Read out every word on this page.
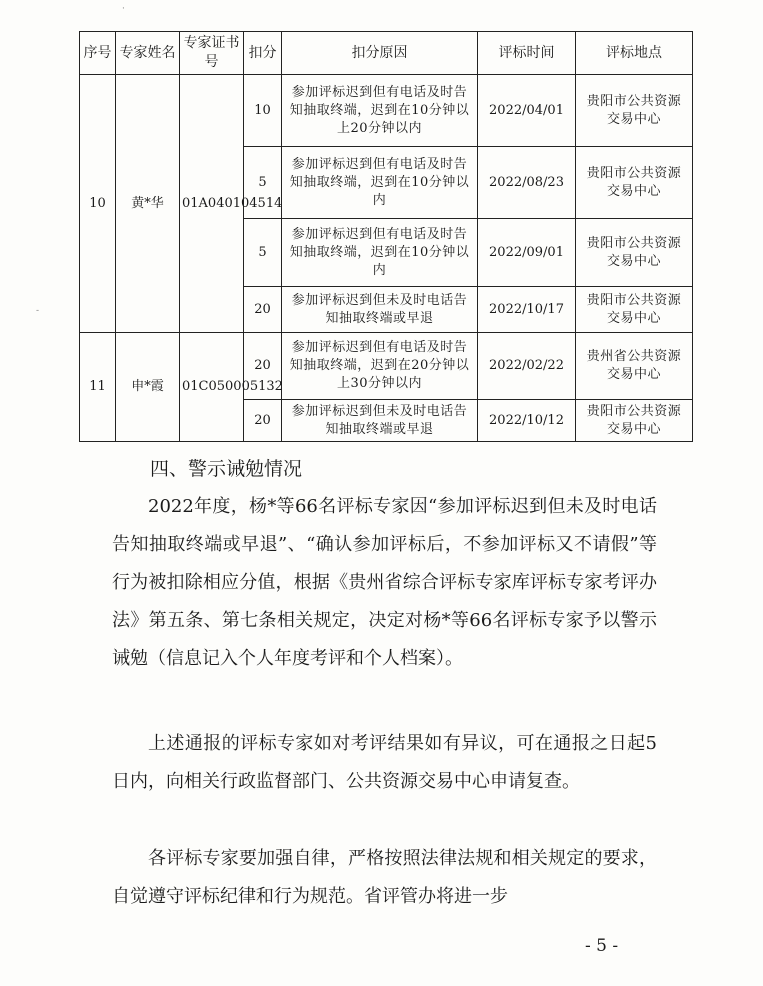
序号	专家姓名	专家证书号	扣分	扣分原因	评标时间	评标地点
10	黄*华	01A040104514	10	参加评标迟到但有电话及时告知抽取终端，迟到在10分钟以上20分钟以内	2022/04/01	贵阳市公共资源交易中心
			5	参加评标迟到但有电话及时告知抽取终端，迟到在10分钟以内	2022/08/23	贵阳市公共资源交易中心
			5	参加评标迟到但有电话及时告知抽取终端，迟到在10分钟以内	2022/09/01	贵阳市公共资源交易中心
			20	参加评标迟到但未及时电话告知抽取终端或早退	2022/10/17	贵阳市公共资源交易中心
11	申*霞	01C050005132	20	参加评标迟到但有电话及时告知抽取终端，迟到在20分钟以上30分钟以内	2022/02/22	贵州省公共资源交易中心
			20	参加评标迟到但未及时电话告知抽取终端或早退	2022/10/12	贵阳市公共资源交易中心
四、警示诫勉情况

2022年度，杨*等66名评标专家因“参加评标迟到但未及时电话告知抽取终端或早退”、“确认参加评标后，不参加评标又不请假”等行为被扣除相应分值，根据《贵州省综合评标专家库评标专家考评办法》第五条、第七条相关规定，决定对杨*等66名评标专家予以警示诫勉（信息记入个人年度考评和个人档案）。

上述通报的评标专家如对考评结果如有异议，可在通报之日起5日内，向相关行政监督部门、公共资源交易中心申请复查。

各评标专家要加强自律，严格按照法律法规和相关规定的要求，自觉遵守评标纪律和行为规范。省评管办将进一步

- 5 -
·
-
